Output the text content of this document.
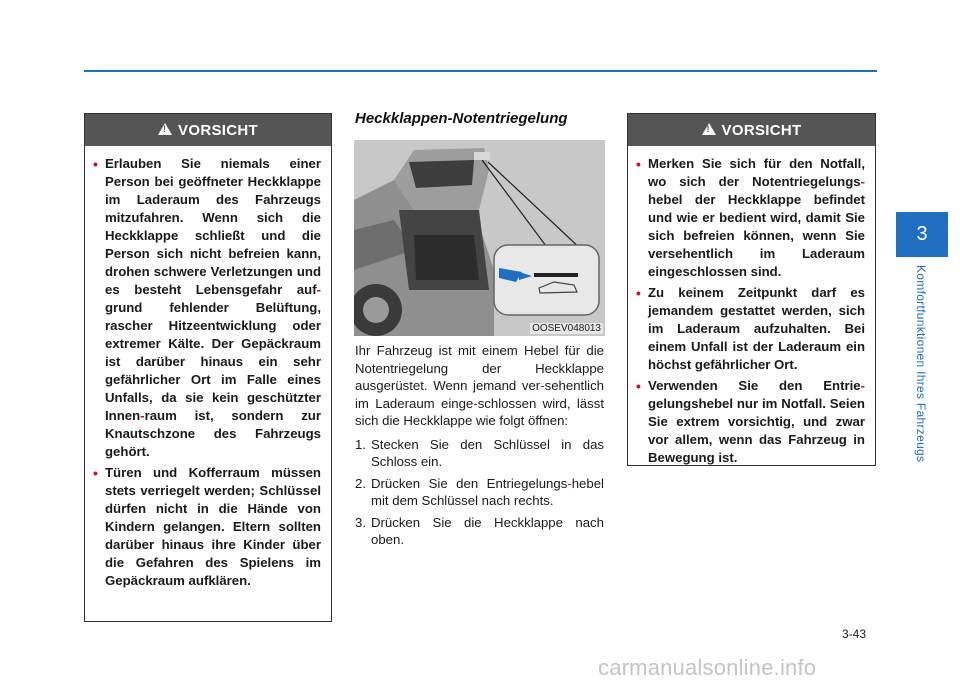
!
VORSICHT
• Erlauben Sie niemals einer Person bei geöffneter Heckklappe im Laderaum des Fahrzeugs mitzufahren. Wenn sich die Heckklappe schließt und die Person sich nicht befreien kann, drohen schwere Verletzungen und es besteht Lebensgefahr auf-grund fehlender Belüftung, rascher Hitzeentwicklung oder extremer Kälte. Der Gepäckraum ist darüber hinaus ein sehr gefährlicher Ort im Falle eines Unfalls, da sie kein geschützter Innen-raum ist, sondern zur Knautschzone des Fahrzeugs gehört.
• Türen und Kofferraum müssen stets verriegelt werden; Schlüssel dürfen nicht in die Hände von Kindern gelangen. Eltern sollten darüber hinaus ihre Kinder über die Gefahren des Spielens im Gepäckraum aufklären.
Heckklappen-Notentriegelung
OOSEV048013

Ihr Fahrzeug ist mit einem Hebel für die Notentriegelung der Heckklappe ausgerüstet. Wenn jemand ver-sehentlich im Laderaum einge-schlossen wird, lässt sich die Heckklappe wie folgt öffnen:

1. Stecken Sie den Schlüssel in das Schloss ein.
2. Drücken Sie den Entriegelungs-hebel mit dem Schlüssel nach rechts.
3. Drücken Sie die Heckklappe nach oben.
!
VORSICHT
• Merken Sie sich für den Notfall, wo sich der Notentriegelungs-hebel der Heckklappe befindet und wie er bedient wird, damit Sie sich befreien können, wenn Sie versehentlich im Laderaum eingeschlossen sind.
• Zu keinem Zeitpunkt darf es jemandem gestattet werden, sich im Laderaum aufzuhalten. Bei einem Unfall ist der Laderaum ein höchst gefährlicher Ort.
• Verwenden Sie den Entrie-gelungshebel nur im Notfall. Seien Sie extrem vorsichtig, und zwar vor allem, wenn das Fahrzeug in Bewegung ist.
3
Komfortfunktionen Ihres Fahrzeugs
3-43
carmanualsonline.info
